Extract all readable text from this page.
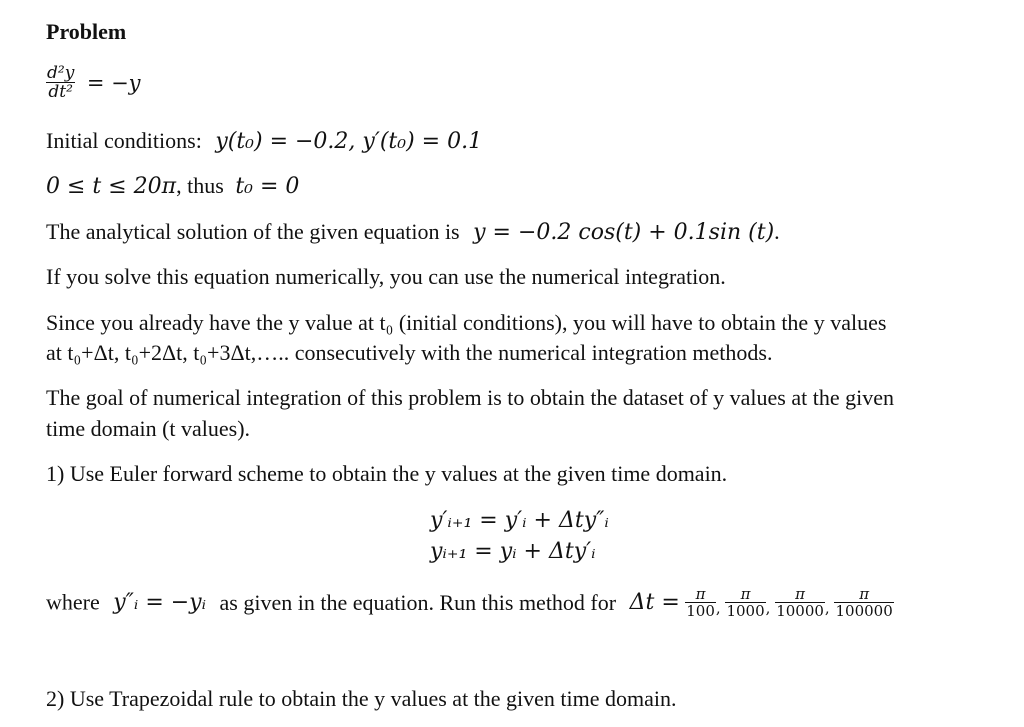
Problem
$\frac{\text{d²y}}{\text{dt²}} = -y$
Initial conditions: y(t₀) = −0.2, y′(t₀) = 0.1
0 ≤ t ≤ 20π, thus t₀ = 0
The analytical solution of the given equation is y = −0.2 cos(t) + 0.1sin (t).
If you solve this equation numerically, you can use the numerical integration.
Since you already have the y value at t₀ (initial conditions), you will have to obtain the y values
at t₀+Δt, t₀+2Δt, t₀+3Δt,….. consecutively with the numerical integration methods.
The goal of numerical integration of this problem is to obtain the dataset of y values at the given
time domain (t values).
1) Use Euler forward scheme to obtain the y values at the given time domain.
y′ᵢ₊₁ = y′ᵢ + Δty″ᵢ
yᵢ₊₁ = yᵢ + Δty′ᵢ
where y″ᵢ = −yᵢ as given in the equation. Run this method for $\Delta t = \frac{\pi}{100}$ , $\frac{\pi}{1000}$ , $\frac{\pi}{10000}$ , $\frac{\pi}{100000}$
2) Use Trapezoidal rule to obtain the y values at the given time domain.
